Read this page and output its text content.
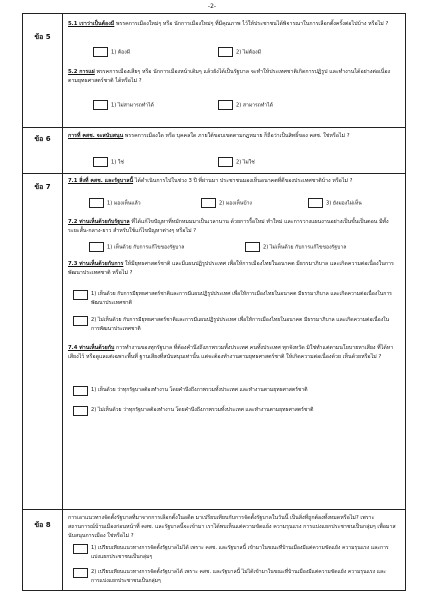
-2-
ข้อ 5
5.1 เราว่าเป็นต้องมี พรรคการเมืองใหม่ๆ หรือ นักการเมืองใหม่ๆ ที่มีคุณภาพ ไว้ให้ประชาชนได้พิจารณาในการเลือกตั้งครั้งต่อไปบ้าง หรือไม่ ?
1) ต้องมี	2) ไม่ต้องมี
5.2 การแผ่ พรรคการเมืองเสียๆ หรือ นักการเมืองหน้าเดิมๆ แล้วยังได้เป็นรัฐบาล จะทำให้ประเทศชาติเกิดการปฏิรูป และทำงานได้อย่างต่อเนื่องตามยุทธศาสตร์ชาติ ได้หรือไม่ ?
1) ไม่สามารถทำได้	2) สามารถทำได้
ข้อ 6	การที่ คสช. จะสนับสนุน พรรคการเมืองใด หรือ บุคคลใด ภายใต้ขอบเขตตามกฎหมาย ก็ถือว่าเป็นสิทธิ์ของ คสช. ใช่หรือไม่ ?
1) ใช่	2) ไม่ใช่
ข้อ 7
7.1 สิ่งที่ คสช. และรัฐบาลนี้ ได้ดำเนินการไปในช่วง 3 ปี ที่ผ่านมา ประชาชนมองเห็นอนาคตที่ดีของประเทศชาติบ้าง หรือไม่ ?
1) มองเห็นแล้ว	2) มองเห็นบ้าง	3) ยังมองไม่เห็น
7.2 ท่านเห็นด้วยกับรัฐบาล ที่ได้แก้ไขปัญหาที่หมักหมมมาเป็นเวลานาน ด้วยการรื้อใหม่ ทำใหม่ และการวางแผนงานอย่างเป็นขั้นเป็นตอน มีทั้งระยะสั้น-กลาง-ยาว สำหรับใช้แก้ไขปัญหาต่างๆ หรือไม่ ?
1) เห็นด้วย กับการแก้ไขของรัฐบาล	2) ไม่เห็นด้วย กับการแก้ไขของรัฐบาล
7.3 ท่านเห็นด้วยกับการ ให้มียุทธศาสตร์ชาติ และมีแผนปฏิรูปประเทศ เพื่อให้การเมืองไทยในอนาคต มีธรรมาภิบาล และเกิดความต่อเนื่องในการพัฒนาประเทศชาติ หรือไม่ ?
1) เห็นด้วย กับการมียุทธศาสตร์ชาติและการมีแผนปฏิรูปประเทศ เพื่อให้การเมืองไทยในอนาคต มีธรรมาภิบาล และเกิดความต่อเนื่องในการพัฒนาประเทศชาติ
2) ไม่เห็นด้วย กับการมียุทธศาสตร์ชาติและการมีแผนปฏิรูปประเทศ เพื่อให้การเมืองไทยในอนาคต มีธรรมาภิบาล และเกิดความต่อเนื่องในการพัฒนาประเทศชาติ
7.4 ท่านเห็นด้วยกับ การทำงานของทุกรัฐบาล ที่ต้องคำนึงถึงภาพรวมทั้งประเทศ คนทั้งประเทศ ทุกจังหวัด มิใช่ทำแต่ตามนโยบายหาเสียง ที่ได้หาเสียงไว้ หรือดูแลแต่เฉพาะพื้นที่ ฐานเสียงที่สนับสนุนเท่านั้น แต่จะต้องทำงานตามยุทธศาสตร์ชาติ ให้เกิดความต่อเนื่องด้วย เห็นด้วยหรือไม่ ?
1) เห็นด้วย ว่าทุกรัฐบาลต้องทำงาน โดยคำนึงถึงภาพรวมทั้งประเทศ และทำงานตามยุทธศาสตร์ชาติ
2) ไม่เห็นด้วย ว่าทุกรัฐบาลต้องทำงาน โดยคำนึงถึงภาพรวมทั้งประเทศ และทำงานตามยุทธศาสตร์ชาติ
ข้อ 8
การเอาแนวทางจัดตั้งรัฐบาลที่มาจากการเลือกตั้งในอดีต มาเปรียบเทียบกับการจัดตั้งรัฐบาลในวันนี้ เป็นสิ่งที่ถูกต้องทั้งหมดหรือไม่? เพราะสถานการณ์บ้านเมืองก่อนหน้าที่ คสช. และรัฐบาลนี้จะเข้ามา เราได้พบเห็นแต่ความขัดแย้ง ความรุนแรง การแบ่งแยกประชาชนเป็นกลุ่มๆ เพื่อมาสนับสนุนการเมือง ใช่หรือไม่ ?
1) เปรียบเทียบแนวทางการจัดตั้งรัฐบาลไม่ได้ เพราะ คสช. และรัฐบาลนี้ เข้ามาในขณะที่บ้านเมืองมีแต่ความขัดแย้ง ความรุนแรง และการแบ่งแยกประชาชนเป็นกลุ่มๆ
2) เปรียบเทียบแนวทางการจัดตั้งรัฐบาลได้ เพราะ คสช. และรัฐบาลนี้ ไม่ได้เข้ามาในขณะที่บ้านเมืองมีแต่ความขัดแย้ง ความรุนแรง และการแบ่งแยกประชาชนเป็นกลุ่มๆ
